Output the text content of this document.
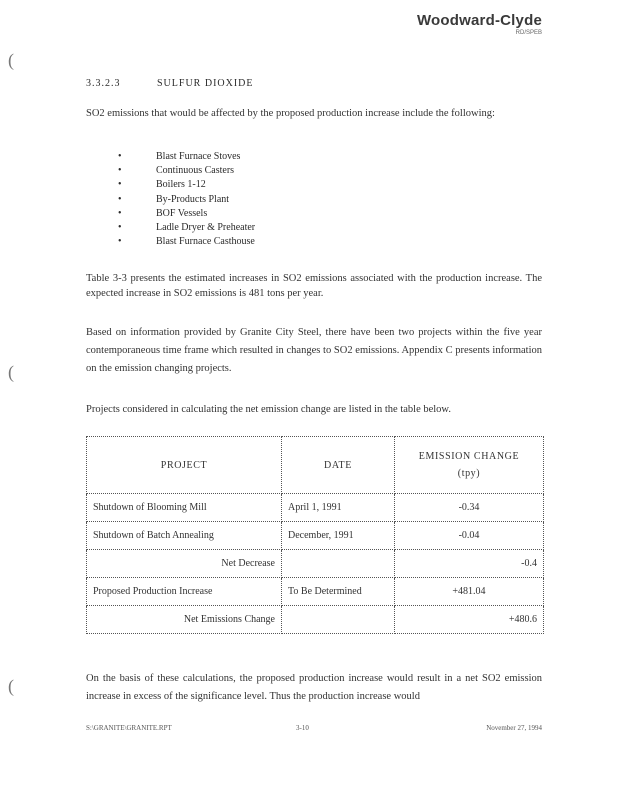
Woodward-Clyde
RD/SPEB
(
(
(
3.3.2.3	SULFUR DIOXIDE
SO2 emissions that would be affected by the proposed production increase include the following:
•	Blast Furnace Stoves
•	Continuous Casters
•	Boilers 1-12
•	By-Products Plant
•	BOF Vessels
•	Ladle Dryer & Preheater
•	Blast Furnace Casthouse
Table 3-3 presents the estimated increases in SO2 emissions associated with the production increase. The expected increase in SO2 emissions is 481 tons per year.
Based on information provided by Granite City Steel, there have been two projects within the five year contemporaneous time frame which resulted in changes to SO2 emissions. Appendix C presents information on the emission changing projects.
Projects considered in calculating the net emission change are listed in the table below.
PROJECT	DATE	EMISSION CHANGE
(tpy)

Shutdown of Blooming Mill	April 1, 1991	-0.34
Shutdown of Batch Annealing	December, 1991	-0.04
Net Decrease		-0.4
Proposed Production Increase	To Be Determined	+481.04
Net Emissions Change		+480.6
On the basis of these calculations, the proposed production increase would result in a net SO2 emission increase in excess of the significance level. Thus the production increase would
S:\GRANITE\GRANITE.RPT	3-10	November 27, 1994
